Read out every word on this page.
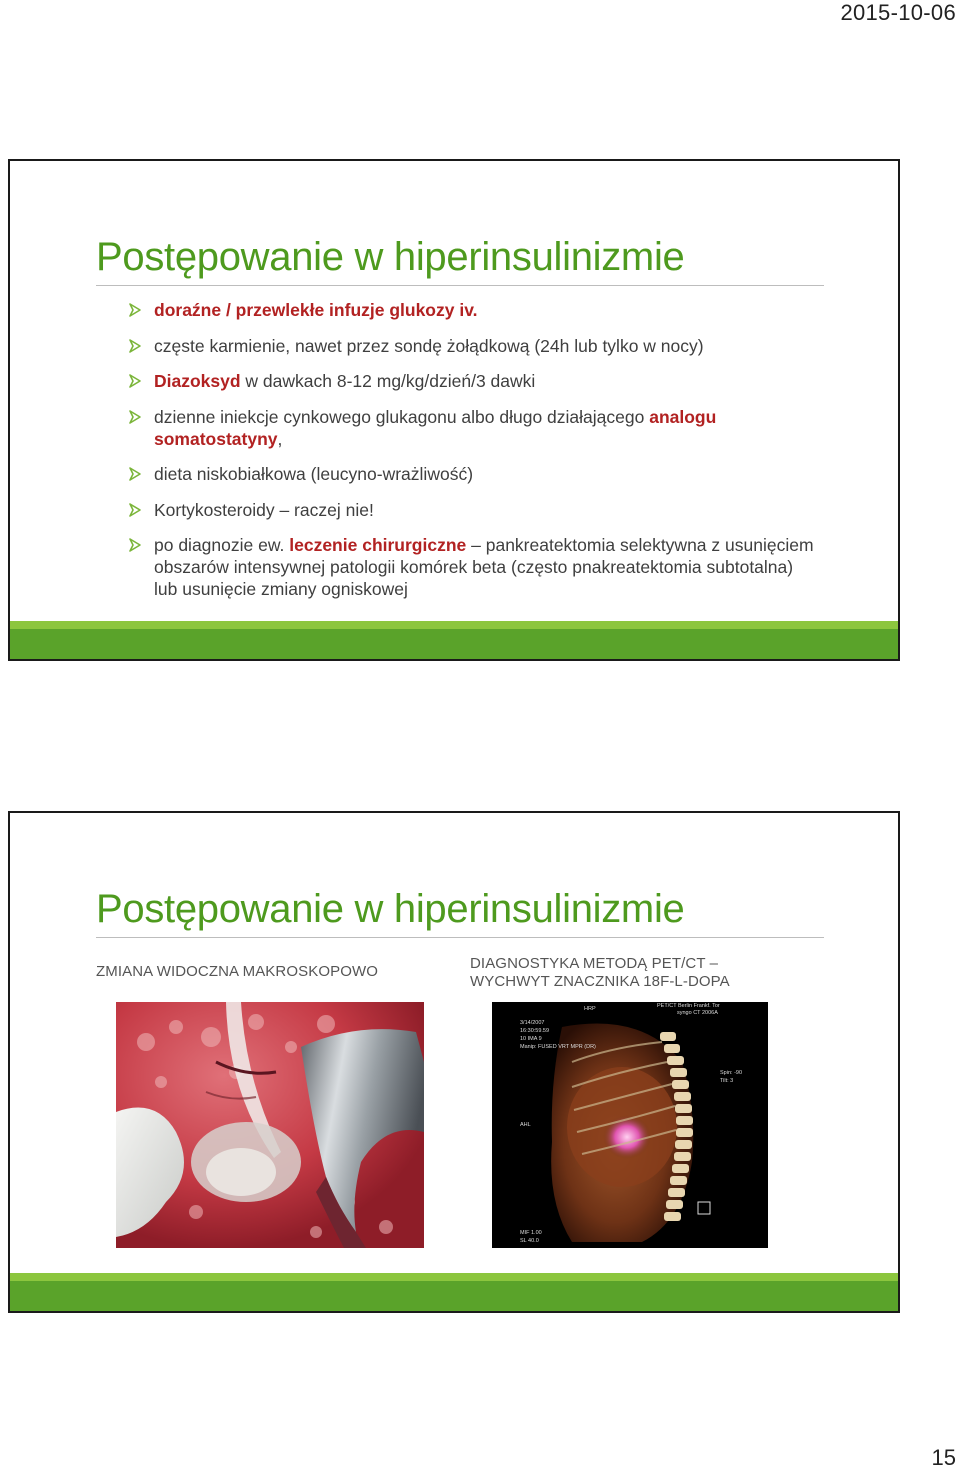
2015-10-06
Postępowanie w hiperinsulinizmie
doraźne / przewlekłe infuzje glukozy iv.
częste karmienie, nawet przez sondę żołądkową (24h lub tylko w nocy)
Diazoksyd w dawkach 8-12 mg/kg/dzień/3 dawki
dzienne iniekcje cynkowego glukagonu albo długo działającego analogu somatostatyny,
dieta niskobiałkowa (leucyno-wrażliwość)
Kortykosteroidy – raczej nie!
po diagnozie ew. leczenie chirurgiczne – pankreatektomia selektywna z usunięciem obszarów intensywnej patologii komórek beta (często pnakreatektomia subtotalna) lub usunięcie zmiany ogniskowej
Postępowanie w hiperinsulinizmie
ZMIANA WIDOCZNA MAKROSKOPOWO	DIAGNOSTYKA METODĄ PET/CT – WYCHWYT ZNACZNIKA 18F-L-DOPA
HRP	PET/CT Berlin Frankf. Tor
syngo CT 2006A
3/14/2007
16:30:59.59
10 IMA 9
Manip: FUSED VRT MPR (DR)
AHL
Spin: -90
Tilt: 3
MIF 1.00
SL 40.0
15
